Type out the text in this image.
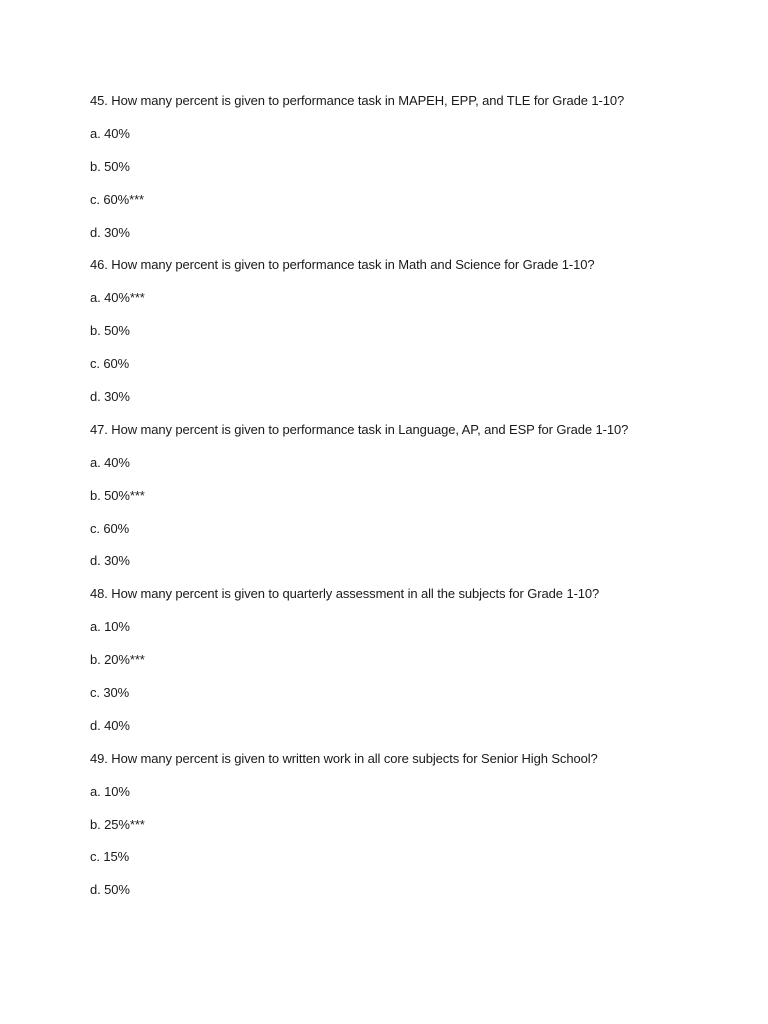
45. How many percent is given to performance task in MAPEH, EPP, and TLE for Grade 1-10?
a. 40%
b. 50%
c. 60%***
d. 30%
46. How many percent is given to performance task in Math and Science for Grade 1-10?
a. 40%***
b. 50%
c. 60%
d. 30%
47. How many percent is given to performance task in Language, AP, and ESP for Grade 1-10?
a. 40%
b. 50%***
c. 60%
d. 30%
48. How many percent is given to quarterly assessment in all the subjects for Grade 1-10?
a. 10%
b. 20%***
c. 30%
d. 40%
49. How many percent is given to written work in all core subjects for Senior High School?
a. 10%
b. 25%***
c. 15%
d. 50%
